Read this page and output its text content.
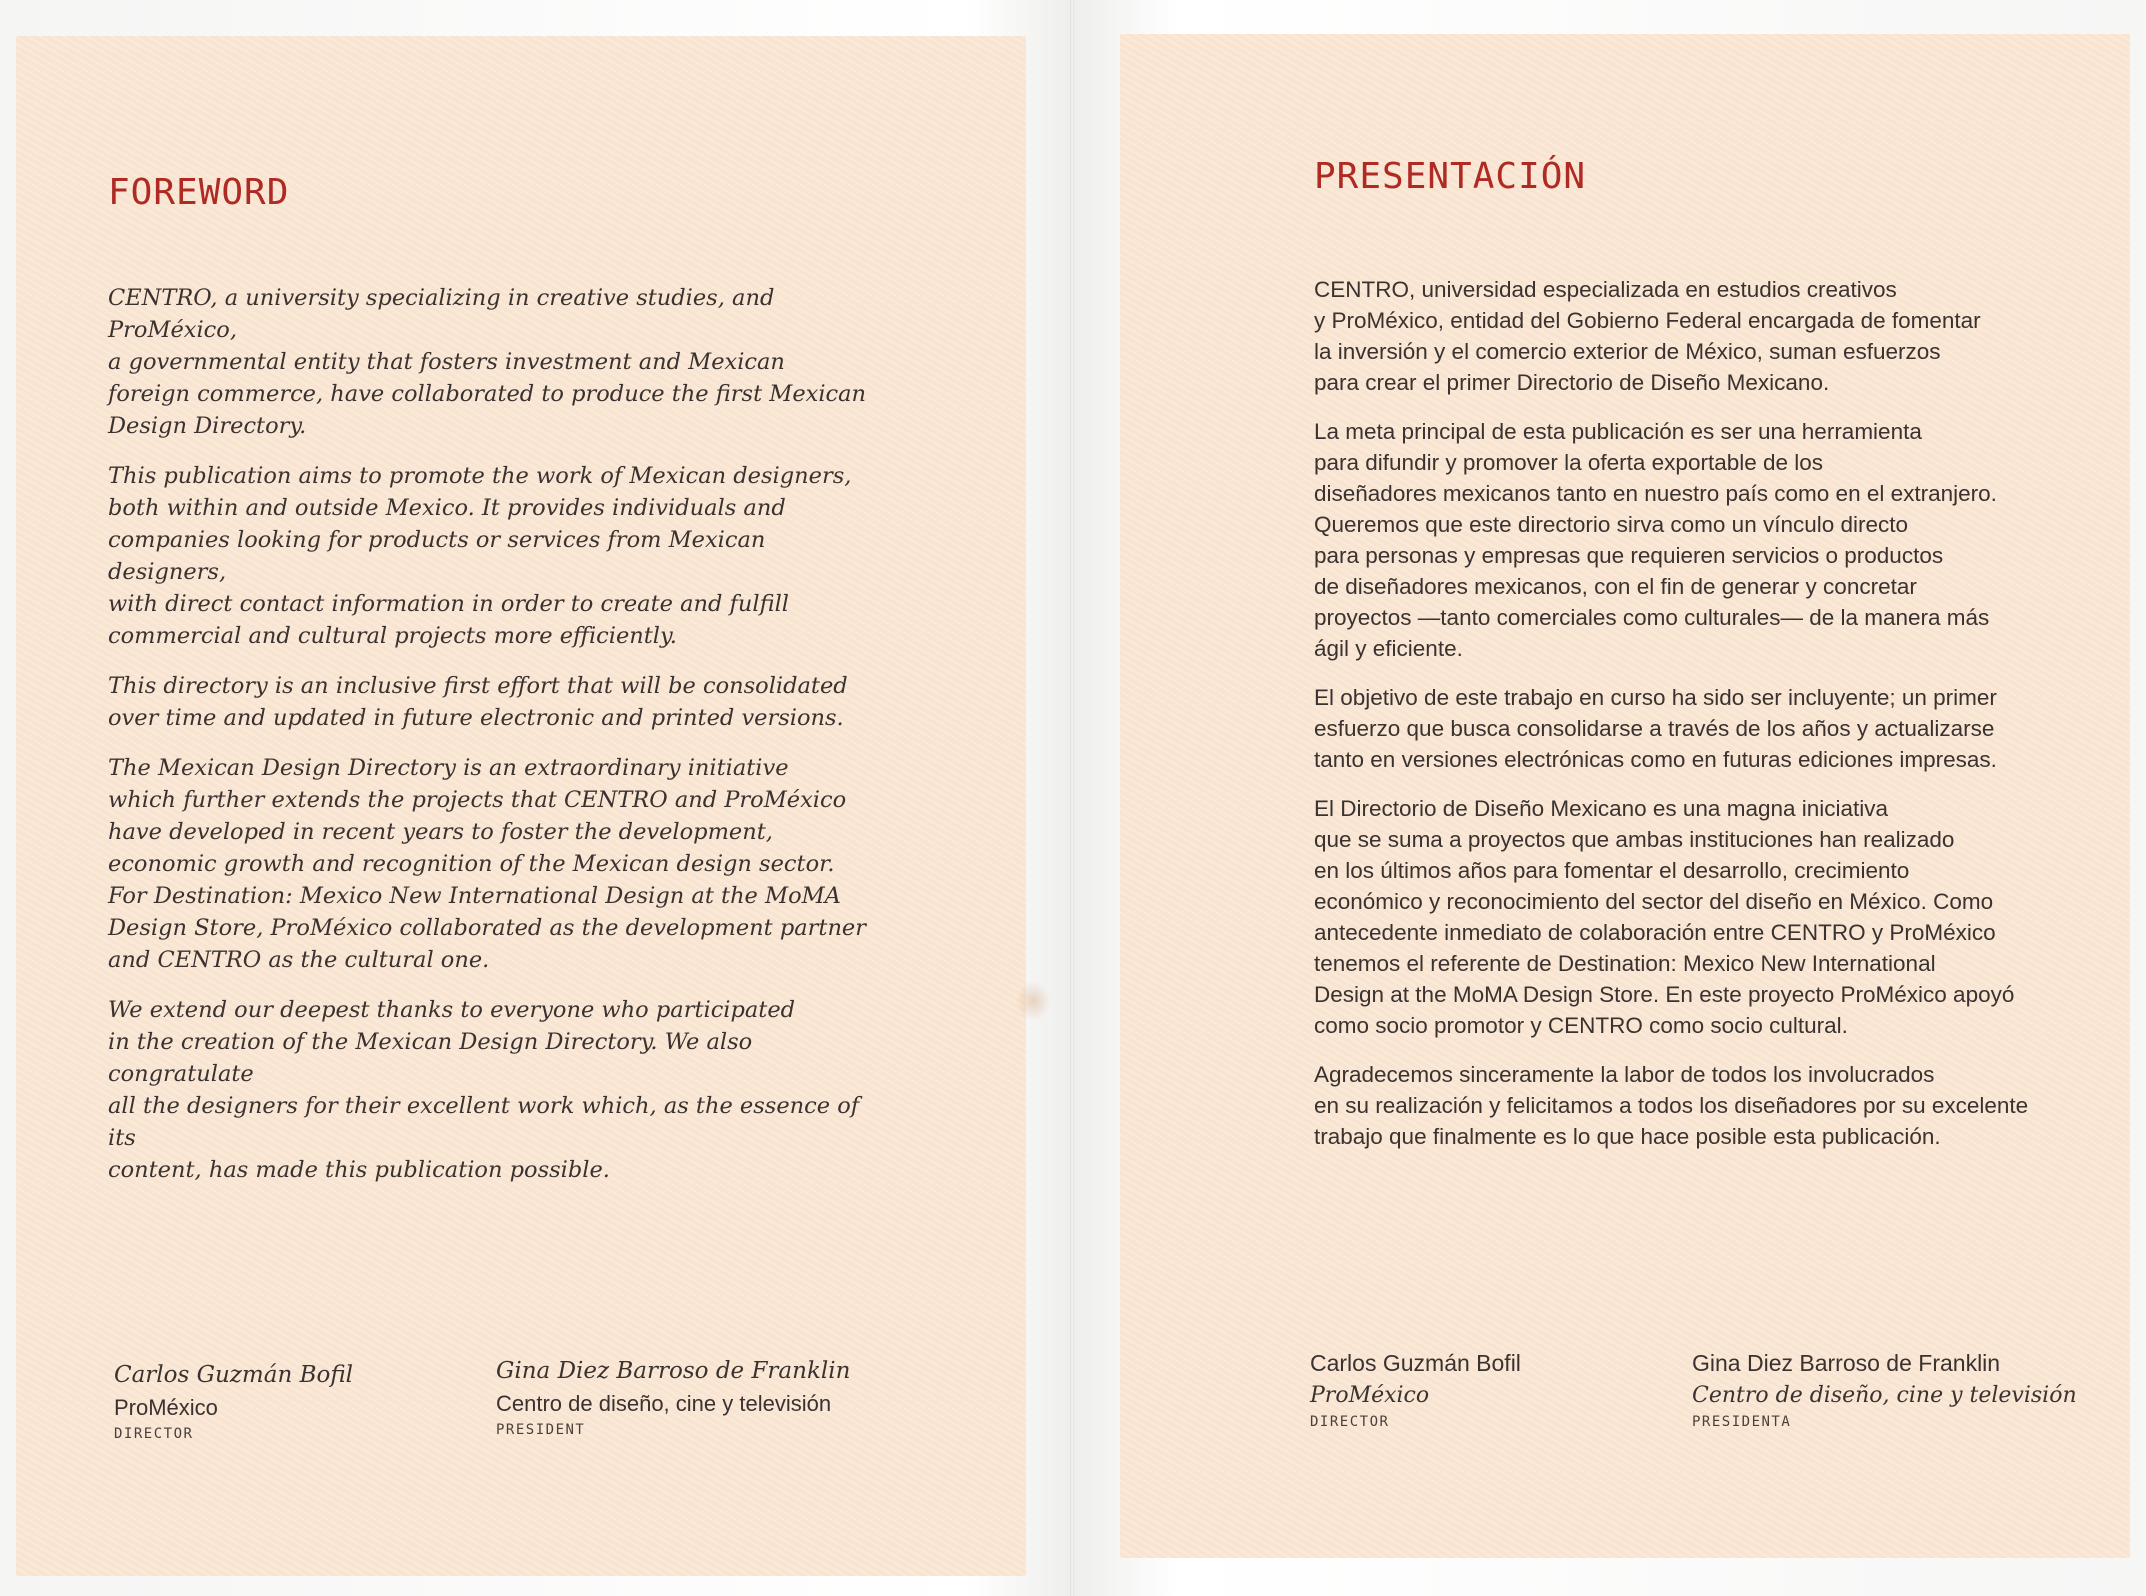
FOREWORD

CENTRO, a university specializing in creative studies, and ProMéxico,
a governmental entity that fosters investment and Mexican
foreign commerce, have collaborated to produce the first Mexican
Design Directory.

This publication aims to promote the work of Mexican designers,
both within and outside Mexico. It provides individuals and
companies looking for products or services from Mexican designers,
with direct contact information in order to create and fulfill
commercial and cultural projects more efficiently.

This directory is an inclusive first effort that will be consolidated
over time and updated in future electronic and printed versions.

The Mexican Design Directory is an extraordinary initiative
which further extends the projects that CENTRO and ProMéxico
have developed in recent years to foster the development,
economic growth and recognition of the Mexican design sector.
For Destination: Mexico New International Design at the MoMA
Design Store, ProMéxico collaborated as the development partner
and CENTRO as the cultural one.

We extend our deepest thanks to everyone who participated
in the creation of the Mexican Design Directory. We also congratulate
all the designers for their excellent work which, as the essence of its
content, has made this publication possible.

Carlos Guzmán Bofil
ProMéxico
DIRECTOR
Gina Diez Barroso de Franklin
Centro de diseño, cine y televisión
PRESIDENT
PRESENTACIÓN

CENTRO, universidad especializada en estudios creativos
y ProMéxico, entidad del Gobierno Federal encargada de fomentar
la inversión y el comercio exterior de México, suman esfuerzos
para crear el primer Directorio de Diseño Mexicano.

La meta principal de esta publicación es ser una herramienta
para difundir y promover la oferta exportable de los
diseñadores mexicanos tanto en nuestro país como en el extranjero.
Queremos que este directorio sirva como un vínculo directo
para personas y empresas que requieren servicios o productos
de diseñadores mexicanos, con el fin de generar y concretar
proyectos —tanto comerciales como culturales— de la manera más
ágil y eficiente.

El objetivo de este trabajo en curso ha sido ser incluyente; un primer
esfuerzo que busca consolidarse a través de los años y actualizarse
tanto en versiones electrónicas como en futuras ediciones impresas.

El Directorio de Diseño Mexicano es una magna iniciativa
que se suma a proyectos que ambas instituciones han realizado
en los últimos años para fomentar el desarrollo, crecimiento
económico y reconocimiento del sector del diseño en México. Como
antecedente inmediato de colaboración entre CENTRO y ProMéxico
tenemos el referente de Destination: Mexico New International
Design at the MoMA Design Store. En este proyecto ProMéxico apoyó
como socio promotor y CENTRO como socio cultural.

Agradecemos sinceramente la labor de todos los involucrados
en su realización y felicitamos a todos los diseñadores por su excelente
trabajo que finalmente es lo que hace posible esta publicación.

Carlos Guzmán Bofil
ProMéxico
DIRECTOR
Gina Diez Barroso de Franklin
Centro de diseño, cine y televisión
PRESIDENTA
